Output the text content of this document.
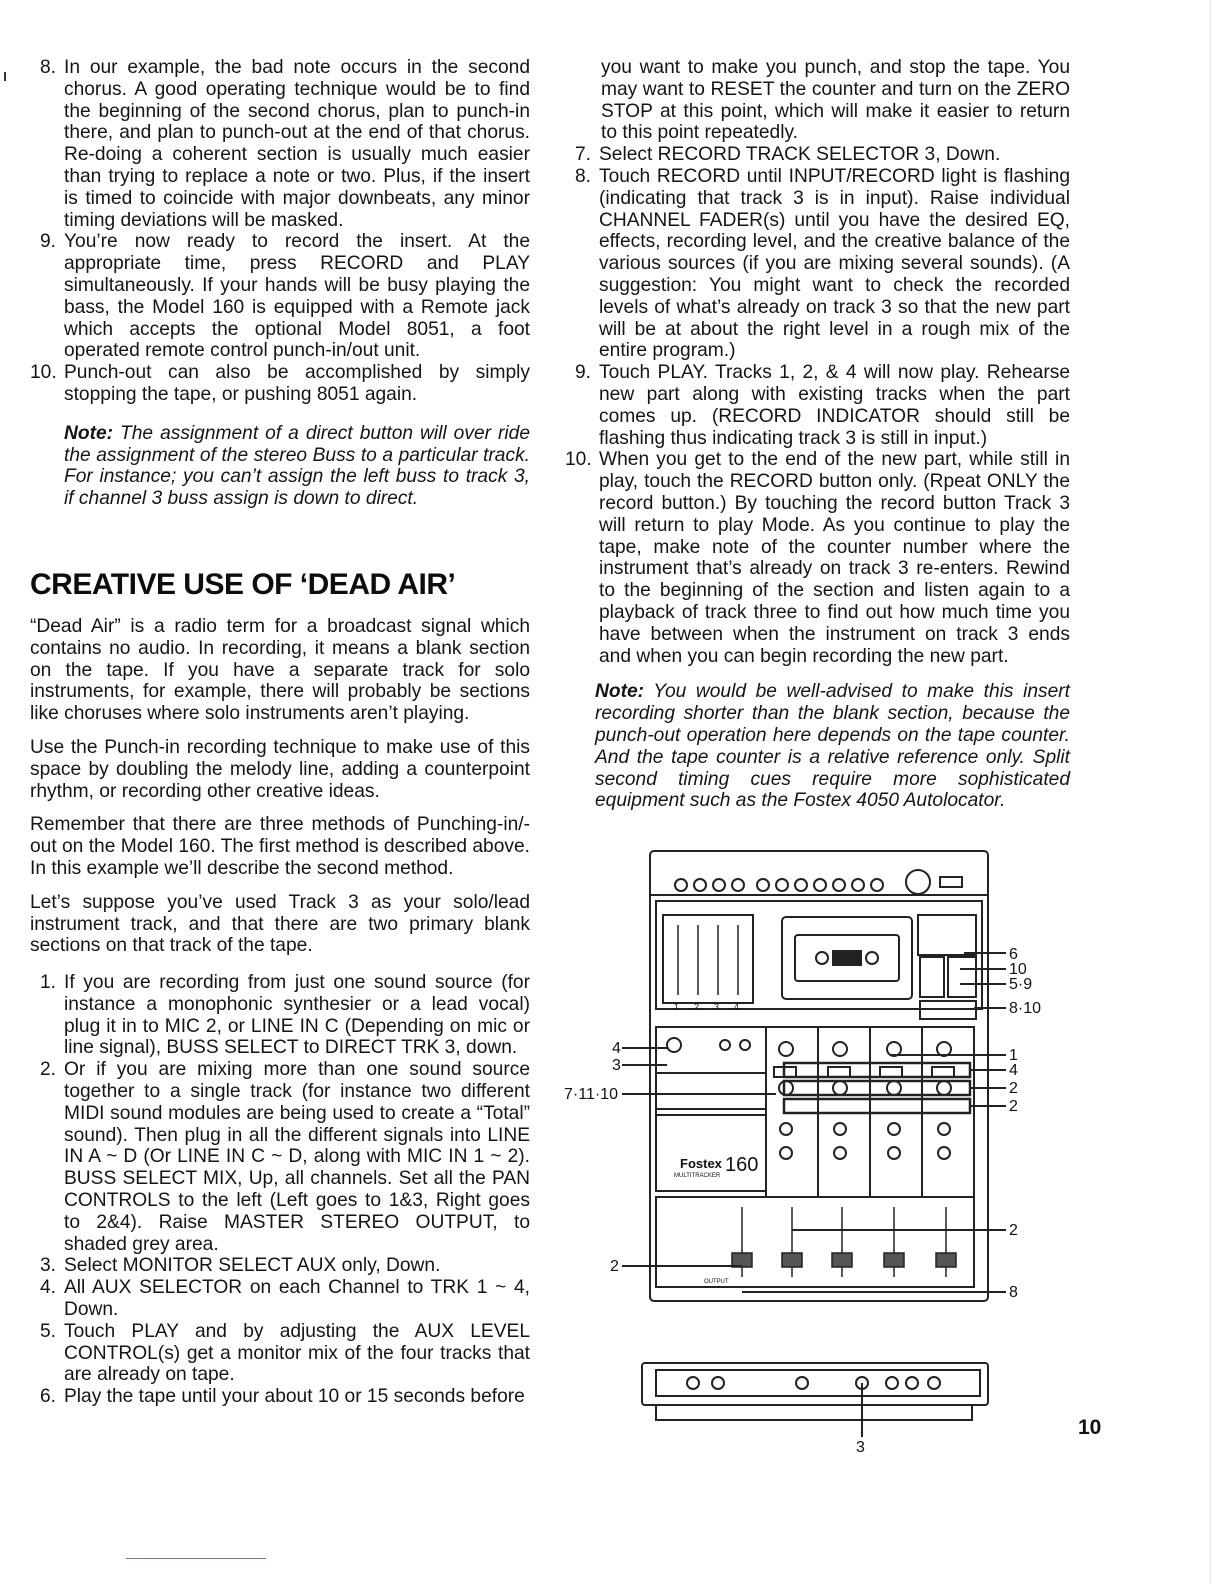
8. In our example, the bad note occurs in the second chorus. A good operating technique would be to find the beginning of the second chorus, plan to punch-in there, and plan to punch-out at the end of that chorus. Re-doing a coherent section is usually much easier than trying to replace a note or two. Plus, if the insert is timed to coincide with major downbeats, any minor timing deviations will be masked.
9. You’re now ready to record the insert. At the appropriate time, press RECORD and PLAY simultaneously. If your hands will be busy playing the bass, the Model 160 is equipped with a Remote jack which accepts the optional Model 8051, a foot operated remote control punch-in/out unit.
10. Punch-out can also be accomplished by simply stopping the tape, or pushing 8051 again.

Note: The assignment of a direct button will over ride the assignment of the stereo Buss to a particular track. For instance; you can’t assign the left buss to track 3, if channel 3 buss assign is down to direct.

CREATIVE USE OF ‘DEAD AIR’

“Dead Air” is a radio term for a broadcast signal which contains no audio. In recording, it means a blank section on the tape. If you have a separate track for solo instruments, for example, there will probably be sections like choruses where solo instruments aren’t playing.

Use the Punch-in recording technique to make use of this space by doubling the melody line, adding a counterpoint rhythm, or recording other creative ideas.

Remember that there are three methods of Punching-in/-out on the Model 160. The first method is described above. In this example we’ll describe the second method.

Let’s suppose you’ve used Track 3 as your solo/lead instrument track, and that there are two primary blank sections on that track of the tape.

1. If you are recording from just one sound source (for instance a monophonic synthesier or a lead vocal) plug it in to MIC 2, or LINE IN C (Depending on mic or line signal), BUSS SELECT to DIRECT TRK 3, down.
2. Or if you are mixing more than one sound source together to a single track (for instance two different MIDI sound modules are being used to create a “Total” sound). Then plug in all the different signals into LINE IN A ~ D (Or LINE IN C ~ D, along with MIC IN 1 ~ 2). BUSS SELECT MIX, Up, all channels. Set all the PAN CONTROLS to the left (Left goes to 1&3, Right goes to 2&4). Raise MASTER STEREO OUTPUT, to shaded grey area.
3. Select MONITOR SELECT AUX only, Down.
4. All AUX SELECTOR on each Channel to TRK 1 ~ 4, Down.
5. Touch PLAY and by adjusting the AUX LEVEL CONTROL(s) get a monitor mix of the four tracks that are already on tape.
6. Play the tape until your about 10 or 15 seconds before

you want to make you punch, and stop the tape. You may want to RESET the counter and turn on the ZERO STOP at this point, which will make it easier to return to this point repeatedly.

7. Select RECORD TRACK SELECTOR 3, Down.
8. Touch RECORD until INPUT/RECORD light is flashing (indicating that track 3 is in input). Raise individual CHANNEL FADER(s) until you have the desired EQ, effects, recording level, and the creative balance of the various sources (if you are mixing several sounds). (A suggestion: You might want to check the recorded levels of what’s already on track 3 so that the new part will be at about the right level in a rough mix of the entire program.)
9. Touch PLAY. Tracks 1, 2, & 4 will now play. Rehearse new part along with existing tracks when the part comes up. (RECORD INDICATOR should still be flashing thus indicating track 3 is still in input.)
10. When you get to the end of the new part, while still in play, touch the RECORD button only. (Rpeat ONLY the record button.) By touching the record button Track 3 will return to play Mode. As you continue to play the tape, make note of the counter number where the instrument that’s already on track 3 re-enters. Rewind to the beginning of the section and listen again to a playback of track three to find out how much time you have between when the instrument on track 3 ends and when you can begin recording the new part.

Note: You would be well-advised to make this insert recording shorter than the blank section, because the punch-out operation here depends on the tape counter. And the tape counter is a relative reference only. Split second timing cues require more sophisticated equipment such as the Fostex 4050 Autolocator.

6
10
5·9
8·10
1
4
2
2
2
8
4
3
7·11·10
2
3
1 2 3 4
OUTPUT
Fostex 160
MULTITRACKER
10
